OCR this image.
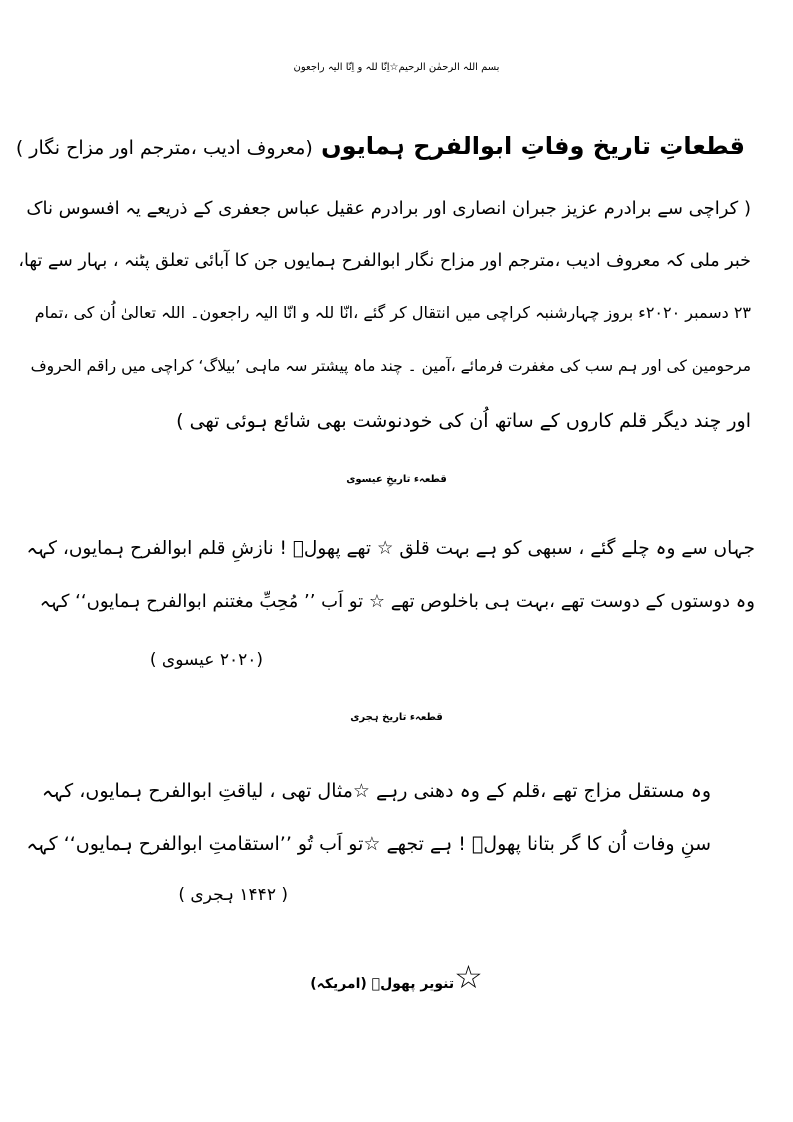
بسم اللہ الرحمٰن الرحیم☆اِنّا للہ و اِنّا الیہ راجعون
قطعاتِ تاریخ وفاتِ ابوالفرح ہمایوں (معروف ادیب ،مترجم اور مزاح نگار )
( کراچی سے برادرم عزیز جبران انصاری اور برادرم عقیل عباس جعفری کے ذریعے یہ افسوس ناک
خبر ملی کہ معروف ادیب ،مترجم اور مزاح نگار ابوالفرح ہمایوں جن کا آبائی تعلق پٹنہ ، بہار سے تھا،
۲۳ دسمبر ۲۰۲۰ء بروز چہارشنبہ کراچی میں انتقال کر گئے ،انّا للہ و انّا الیہ راجعون۔ اللہ تعالیٰ اُن کی ،تمام
مرحومین کی اور ہم سب کی مغفرت فرمائے ،آمین ۔ چند ماہ پیشتر سہ ماہی ’بیلاگ‘ کراچی میں راقم الحروف
اور چند دیگر قلم کاروں کے ساتھ اُن کی خودنوشت بھی شائع ہوئی تھی )
قطعہء تاریخِ عیسوی
جہاں سے وہ چلے گئے ، سبھی کو ہے بہت قلق ☆ تھے پھولؔ ! نازشِ قلم ابوالفرح ہمایوں، کہہ
وہ دوستوں کے دوست تھے ،بہت ہی باخلوص تھے ☆ تو اَب ’’ مُحِبِّ مغتنم ابوالفرح ہمایوں‘‘ کہہ
(۲۰۲۰ عیسوی )
قطعہء تاریخ ہجری
وہ مستقل مزاج تھے ،قلم کے وہ دھنی رہے ☆مثال تھی ، لیاقتِ ابوالفرح ہمایوں، کہہ
سنِ وفات اُن کا گر بتانا پھولؔ ! ہے تجھے ☆تو اَب تُو ’’استقامتِ ابوالفرح ہمایوں‘‘ کہہ
( ۱۴۴۲ ہجری )
☆تنویر پھولؔ (امریکہ)
